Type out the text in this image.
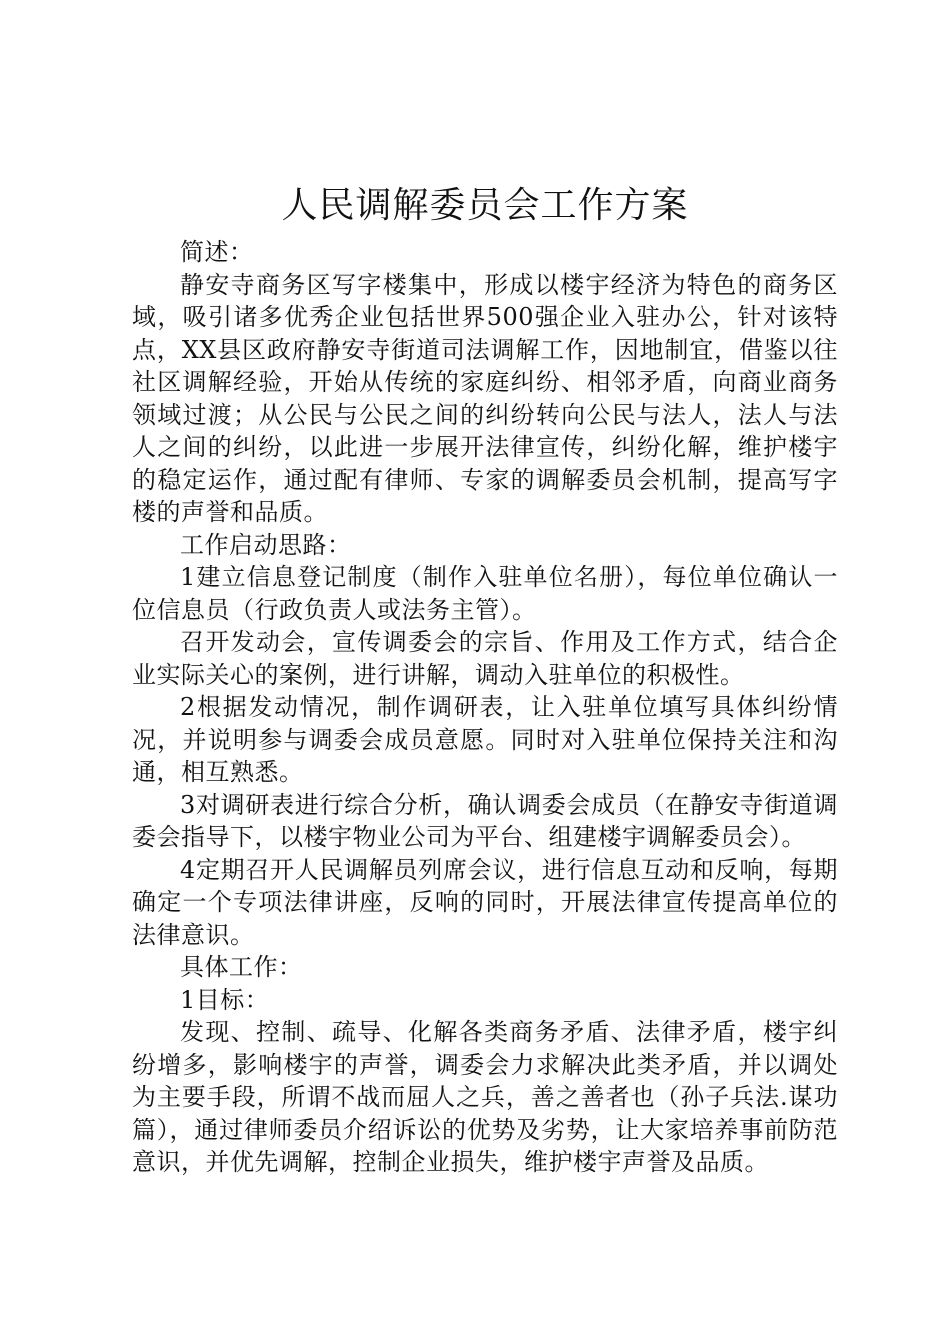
人民调解委员会工作方案

简述：

静安寺商务区写字楼集中，形成以楼宇经济为特色的商务区域，吸引诸多优秀企业包括世界500强企业入驻办公，针对该特点，XX县区政府静安寺街道司法调解工作，因地制宜，借鉴以往社区调解经验，开始从传统的家庭纠纷、相邻矛盾，向商业商务领域过渡；从公民与公民之间的纠纷转向公民与法人，法人与法人之间的纠纷，以此进一步展开法律宣传，纠纷化解，维护楼宇的稳定运作，通过配有律师、专家的调解委员会机制，提高写字楼的声誉和品质。

工作启动思路：

1建立信息登记制度（制作入驻单位名册），每位单位确认一位信息员（行政负责人或法务主管）。

召开发动会，宣传调委会的宗旨、作用及工作方式，结合企业实际关心的案例，进行讲解，调动入驻单位的积极性。

2根据发动情况，制作调研表，让入驻单位填写具体纠纷情况，并说明参与调委会成员意愿。同时对入驻单位保持关注和沟通，相互熟悉。

3对调研表进行综合分析，确认调委会成员（在静安寺街道调委会指导下，以楼宇物业公司为平台、组建楼宇调解委员会）。

4定期召开人民调解员列席会议，进行信息互动和反响，每期确定一个专项法律讲座，反响的同时，开展法律宣传提高单位的法律意识。

具体工作：

1目标：

发现、控制、疏导、化解各类商务矛盾、法律矛盾，楼宇纠纷增多，影响楼宇的声誉，调委会力求解决此类矛盾，并以调处为主要手段，所谓不战而屈人之兵，善之善者也（孙子兵法.谋功篇），通过律师委员介绍诉讼的优势及劣势，让大家培养事前防范意识，并优先调解，控制企业损失，维护楼宇声誉及品质。
